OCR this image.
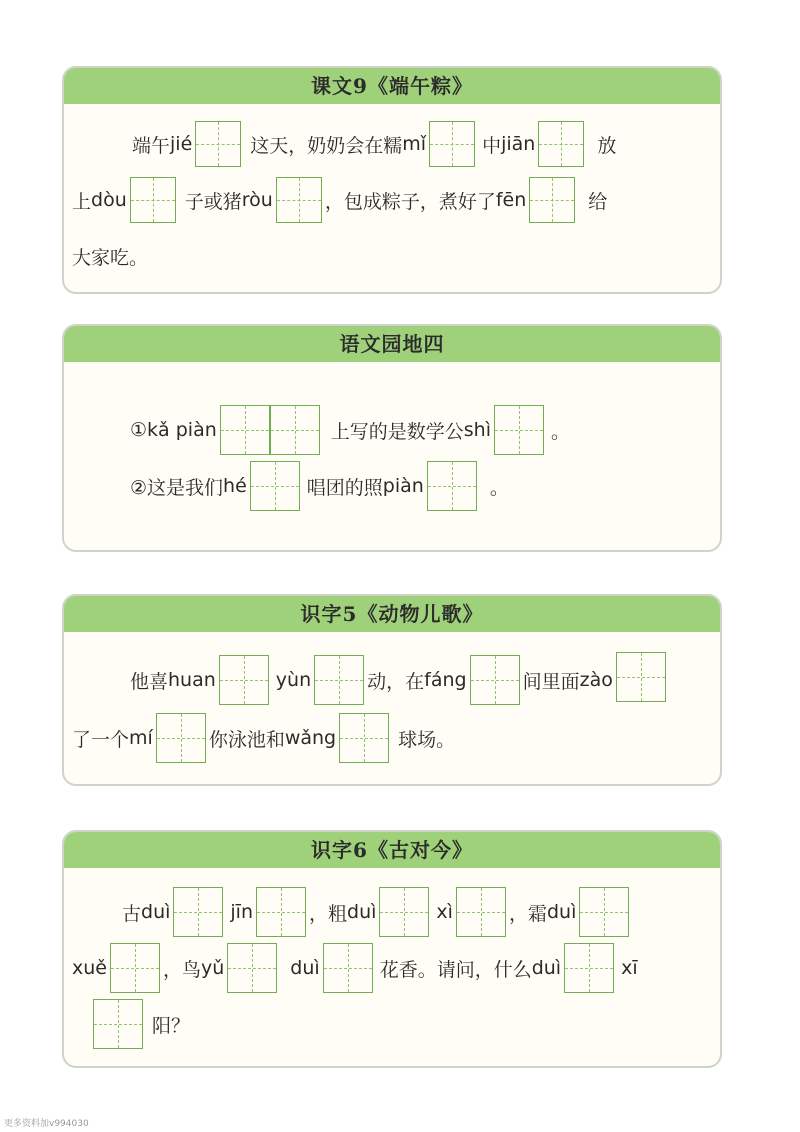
课文9《端午粽》
端午 jié	这天，奶奶会在糯 mǐ	中 jiān	放
上 dòu	子或猪 ròu	，包成粽子，煮好了 fēn	给
大家吃。
语文园地四
① kǎ piàn	上写的是数学公 shì	。
②这是我们 hé	唱团的照 piàn	。
识字5《动物儿歌》
他喜 huan	yùn	动，在 fáng	间里面 zào
了一个 mí	你泳池和 wǎng	球场。
识字6《古对今》
古 duì	jīn	，粗 duì	xì	，霜 duì
xuě	，鸟 yǔ	duì	花香。请问，什么 duì	xī
阳？
更多资料加v994030
